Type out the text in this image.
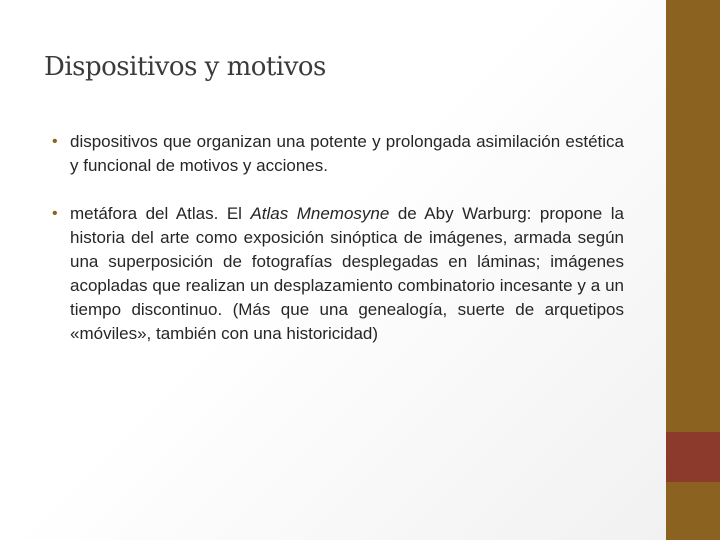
Dispositivos y motivos
• dispositivos que organizan una potente y prolongada asimilación estética y funcional de motivos y acciones.
• metáfora del Atlas. El Atlas Mnemosyne de Aby Warburg: propone la historia del arte como exposición sinóptica de imágenes, armada según una superposición de fotografías desplegadas en láminas; imágenes acopladas que realizan un desplazamiento combinatorio incesante y a un tiempo discontinuo. (Más que una genealogía, suerte de arquetipos «móviles», también con una historicidad)
